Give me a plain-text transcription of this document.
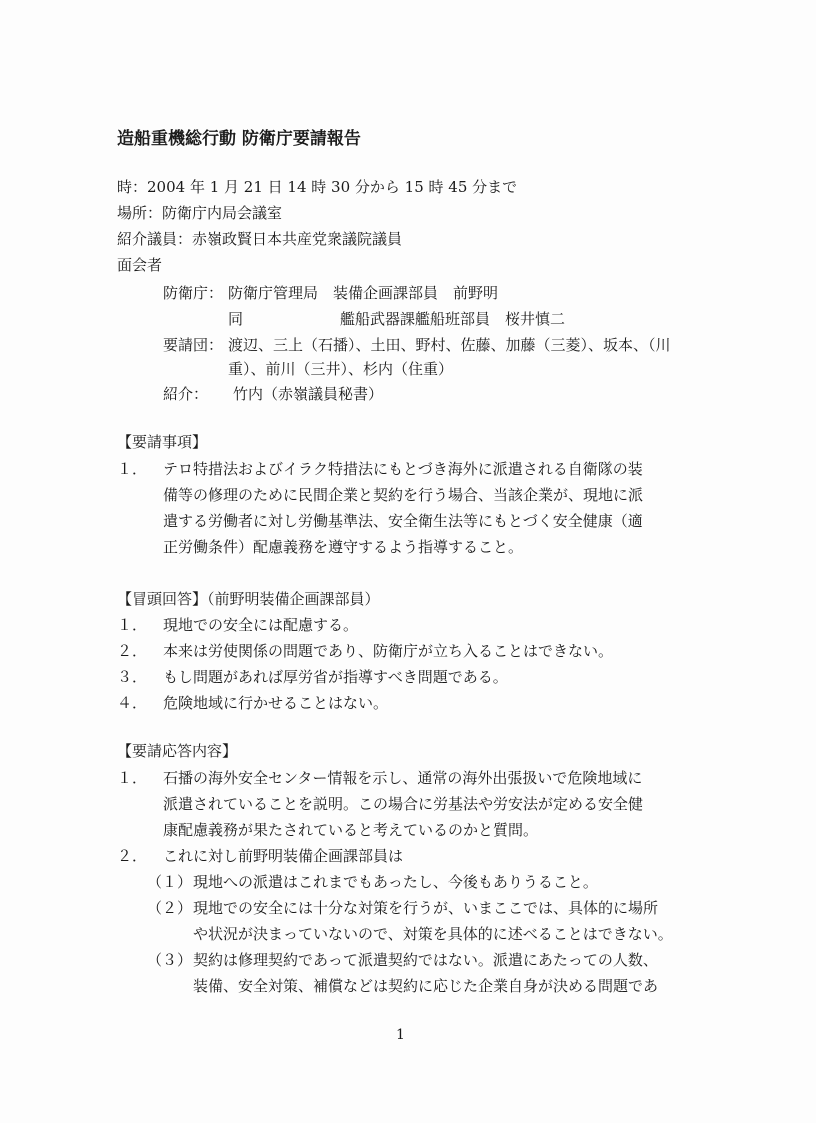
造船重機総行動 防衛庁要請報告
時：2004 年 1 月 21 日 14 時 30 分から 15 時 45 分まで
場所：防衛庁内局会議室
紹介議員：赤嶺政賢日本共産党衆議院議員
面会者
防衛庁： 防衛庁管理局　装備企画課部員　前野明
同	艦船武器課艦船班部員　桜井慎二
要請団： 渡辺、三上（石播）、土田、野村、佐藤、加藤（三菱）、坂本、（川
重）、前川（三井）、杉内（住重）
紹介： 竹内（赤嶺議員秘書）
【要請事項】
１． テロ特措法およびイラク特措法にもとづき海外に派遣される自衛隊の装
備等の修理のために民間企業と契約を行う場合、当該企業が、現地に派
遣する労働者に対し労働基準法、安全衛生法等にもとづく安全健康（適
正労働条件）配慮義務を遵守するよう指導すること。
【冒頭回答】（前野明装備企画課部員）
１． 現地での安全には配慮する。
２． 本来は労使関係の問題であり、防衛庁が立ち入ることはできない。
３． もし問題があれば厚労省が指導すべき問題である。
４． 危険地域に行かせることはない。
【要請応答内容】
１． 石播の海外安全センター情報を示し、通常の海外出張扱いで危険地域に
派遣されていることを説明。この場合に労基法や労安法が定める安全健
康配慮義務が果たされていると考えているのかと質問。
２． これに対し前野明装備企画課部員は
（１） 現地への派遣はこれまでもあったし、今後もありうること。
（２） 現地での安全には十分な対策を行うが、いまここでは、具体的に場所
や状況が決まっていないので、対策を具体的に述べることはできない。
（３） 契約は修理契約であって派遣契約ではない。派遣にあたっての人数、
装備、安全対策、補償などは契約に応じた企業自身が決める問題であ
1
